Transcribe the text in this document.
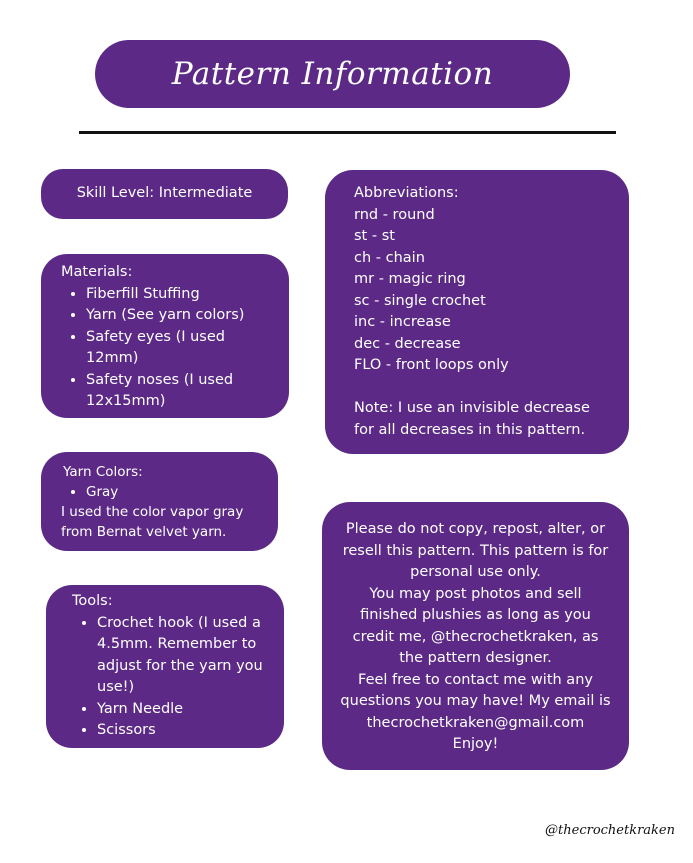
Pattern Information
Skill Level: Intermediate
Materials:
• Fiberfill Stuffing
• Yarn (See yarn colors)
• Safety eyes (I used 12mm)
• Safety noses (I used 12x15mm)
Yarn Colors:
• Gray
I used the color vapor gray
from Bernat velvet yarn.
Tools:
• Crochet hook (I used a 4.5mm. Remember to adjust for the yarn you use!)
• Yarn Needle
• Scissors
Abbreviations:
rnd - round
st - st
ch - chain
mr - magic ring
sc - single crochet
inc - increase
dec - decrease
FLO - front loops only
Note: I use an invisible decrease
for all decreases in this pattern.
Please do not copy, repost, alter, or
resell this pattern. This pattern is for
personal use only.
You may post photos and sell
finished plushies as long as you
credit me, @thecrochetkraken, as
the pattern designer.
Feel free to contact me with any
questions you may have! My email is
thecrochetkraken@gmail.com
Enjoy!
@thecrochetkraken
